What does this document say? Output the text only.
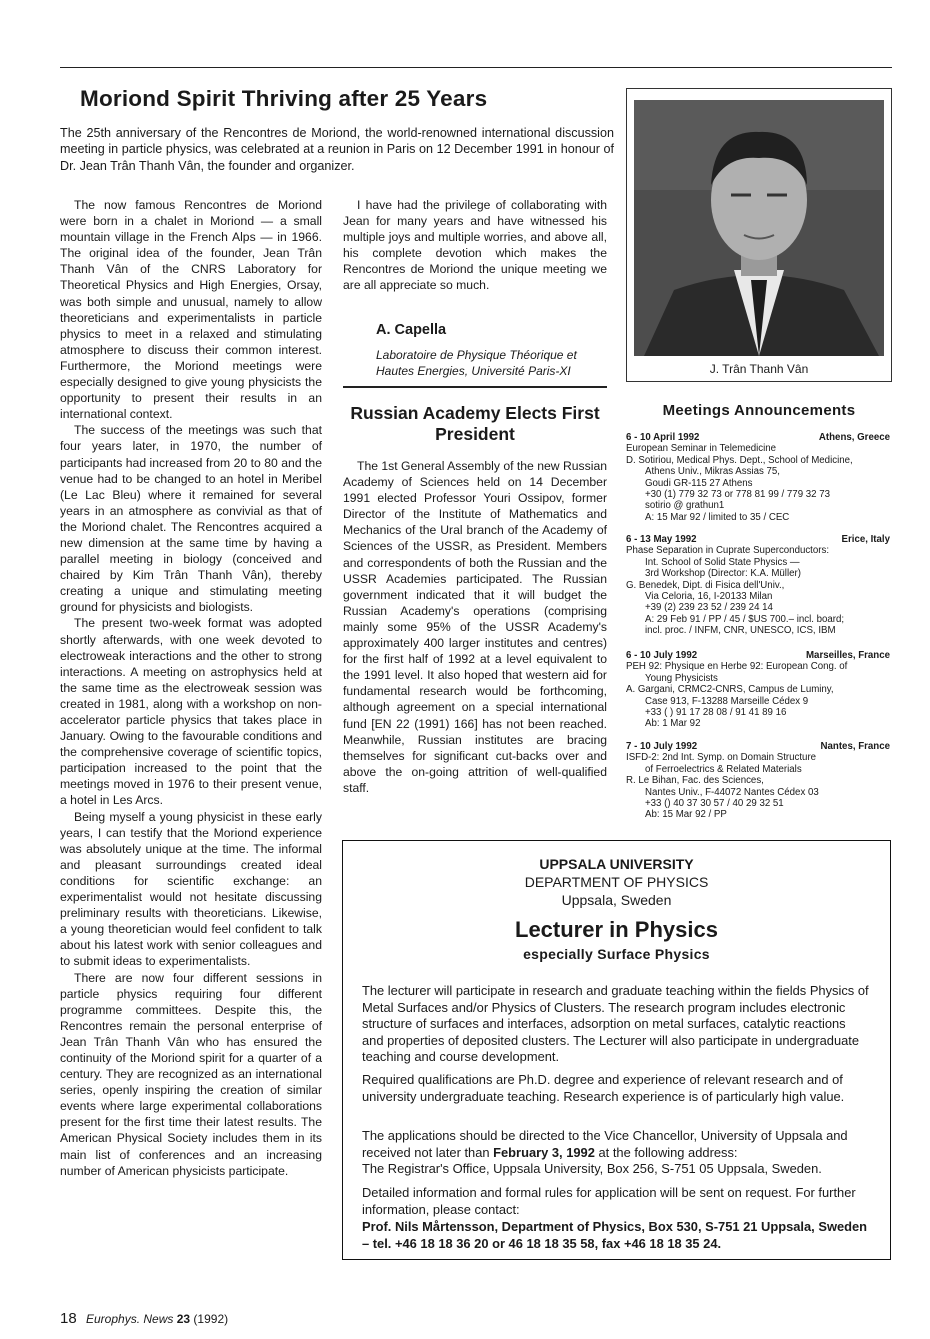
Moriond Spirit Thriving after 25 Years
The 25th anniversary of the Rencontres de Moriond, the world-renowned international discussion meeting in particle physics, was celebrated at a reunion in Paris on 12 December 1991 in honour of Dr. Jean Trân Thanh Vân, the founder and organizer.

The now famous Rencontres de Moriond were born in a chalet in Moriond — a small mountain village in the French Alps — in 1966. The original idea of the founder, Jean Trân Thanh Vân of the CNRS Laboratory for Theoretical Physics and High Energies, Orsay, was both simple and unusual, namely to allow theoreticians and experimentalists in particle physics to meet in a relaxed and stimulating atmosphere to discuss their common interest. Furthermore, the Moriond meetings were especially designed to give young physicists the opportunity to present their results in an international context.

The success of the meetings was such that four years later, in 1970, the number of participants had increased from 20 to 80 and the venue had to be changed to an hotel in Meribel (Le Lac Bleu) where it remained for several years in an atmosphere as convivial as that of the Moriond chalet. The Rencontres acquired a new dimension at the same time by having a parallel meeting in biology (conceived and chaired by Kim Trân Thanh Vân), thereby creating a unique and stimulating meeting ground for physicists and biologists.

The present two-week format was adopted shortly afterwards, with one week devoted to electroweak interactions and the other to strong interactions. A meeting on astrophysics held at the same time as the electroweak session was created in 1981, along with a workshop on non-accelerator particle physics that takes place in January. Owing to the favourable conditions and the comprehensive coverage of scientific topics, participation increased to the point that the meetings moved in 1976 to their present venue, a hotel in Les Arcs.

Being myself a young physicist in these early years, I can testify that the Moriond experience was absolutely unique at the time. The informal and pleasant surroundings created ideal conditions for scientific exchange: an experimentalist would not hesitate discussing preliminary results with theoreticians. Likewise, a young theoretician would feel confident to talk about his latest work with senior colleagues and to submit ideas to experimentalists.

There are now four different sessions in particle physics requiring four different programme committees. Despite this, the Rencontres remain the personal enterprise of Jean Trân Thanh Vân who has ensured the continuity of the Moriond spirit for a quarter of a century. They are recognized as an international series, openly inspiring the creation of similar events where large experimental collaborations present for the first time their latest results. The American Physical Society includes them in its main list of conferences and an increasing number of American physicists participate.

I have had the privilege of collaborating with Jean for many years and have witnessed his multiple joys and multiple worries, and above all, his complete devotion which makes the Rencontres de Moriond the unique meeting we are all appreciate so much.

A. Capella
Laboratoire de Physique Théorique et Hautes Energies, Université Paris-XI
Russian Academy Elects First President

The 1st General Assembly of the new Russian Academy of Sciences held on 14 December 1991 elected Professor Youri Ossipov, former Director of the Institute of Mathematics and Mechanics of the Ural branch of the Academy of Sciences of the USSR, as President. Members and correspondents of both the Russian and the USSR Academies participated. The Russian government indicated that it will budget the Russian Academy's operations (comprising mainly some 95% of the USSR Academy's approximately 400 larger institutes and centres) for the first half of 1992 at a level equivalent to the 1991 level. It also hoped that western aid for fundamental research would be forthcoming, although agreement on a special international fund [EN 22 (1991) 166] has not been reached. Meanwhile, Russian institutes are bracing themselves for significant cut-backs over and above the on-going attrition of well-qualified staff.

J. Trân Thanh Vân
Meetings Announcements
6 - 10 April 1992	Athens, Greece
European Seminar in Telemedicine
D. Sotiriou, Medical Phys. Dept., School of Medicine,
Athens Univ., Mikras Assias 75,
Goudi GR-115 27 Athens
+30 (1) 779 32 73 or 778 81 99 / 779 32 73
sotirio @ grathun1
A: 15 Mar 92 / limited to 35 / CEC
6 - 13 May 1992	Erice, Italy
Phase Separation in Cuprate Superconductors:
Int. School of Solid State Physics —
3rd Workshop (Director: K.A. Müller)
G. Benedek, Dipt. di Fisica dell'Univ.,
Via Celoria, 16, I-20133 Milan
+39 (2) 239 23 52 / 239 24 14
A: 29 Feb 91 / PP / 45 / $US 700.– incl. board;
incl. proc. / INFM, CNR, UNESCO, ICS, IBM
6 - 10 July 1992	Marseilles, France
PEH 92: Physique en Herbe 92: European Cong. of
Young Physicists
A. Gargani, CRMC2-CNRS, Campus de Luminy,
Case 913, F-13288 Marseille Cédex 9
+33 ( ) 91 17 28 08 / 91 41 89 16
Ab: 1 Mar 92
7 - 10 July 1992	Nantes, France
ISFD-2: 2nd Int. Symp. on Domain Structure
of Ferroelectrics & Related Materials
R. Le Bihan, Fac. des Sciences,
Nantes Univ., F-44072 Nantes Cédex 03
+33 () 40 37 30 57 / 40 29 32 51
Ab: 15 Mar 92 / PP
UPPSALA UNIVERSITY
DEPARTMENT OF PHYSICS
Uppsala, Sweden
Lecturer in Physics
especially Surface Physics
The lecturer will participate in research and graduate teaching within the fields Physics of Metal Surfaces and/or Physics of Clusters. The research program includes electronic structure of surfaces and interfaces, adsorption on metal surfaces, catalytic reactions and properties of deposited clusters. The Lecturer will also participate in undergraduate teaching and course development.
Required qualifications are Ph.D. degree and experience of relevant research and of university undergraduate teaching. Research experience is of particularly high value.
The applications should be directed to the Vice Chancellor, University of Uppsala and received not later than February 3, 1992 at the following address:
The Registrar's Office, Uppsala University, Box 256, S-751 05 Uppsala, Sweden.
Detailed information and formal rules for application will be sent on request. For further information, please contact:
Prof. Nils Mårtensson, Department of Physics, Box 530, S-751 21 Uppsala, Sweden – tel. +46 18 18 36 20 or 46 18 18 35 58, fax +46 18 18 35 24.
18 Europhys. News 23 (1992)
